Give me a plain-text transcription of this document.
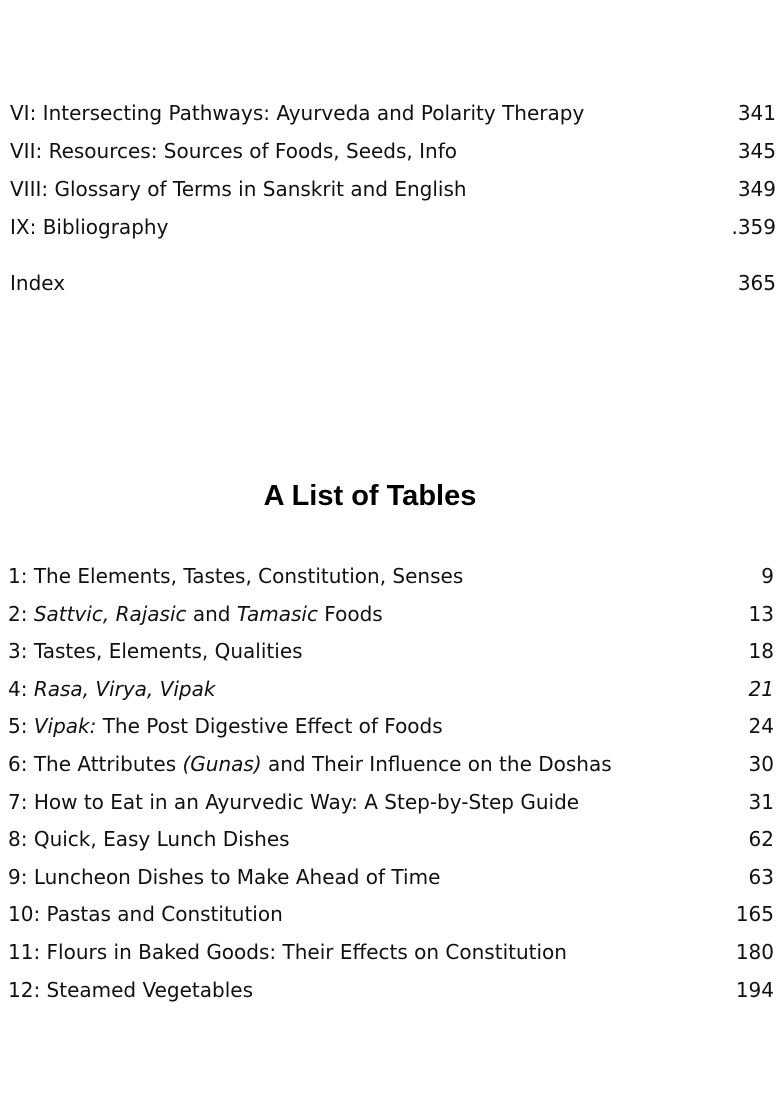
VI: Intersecting Pathways: Ayurveda and Polarity Therapy	341
VII: Resources: Sources of Foods, Seeds, Info	345
VIII: Glossary of Terms in Sanskrit and English	349
IX: Bibliography	.359
Index	365
A List of Tables
1: The Elements, Tastes, Constitution, Senses	9
2: Sattvic, Rajasic and Tamasic Foods	13
3: Tastes, Elements, Qualities	18
4: Rasa, Virya, Vipak	21
5: Vipak: The Post Digestive Effect of Foods	24
6: The Attributes (Gunas) and Their Influence on the Doshas	30
7: How to Eat in an Ayurvedic Way: A Step-by-Step Guide	31
8: Quick, Easy Lunch Dishes	62
9: Luncheon Dishes to Make Ahead of Time	63
10: Pastas and Constitution	165
11: Flours in Baked Goods: Their Effects on Constitution	180
12: Steamed Vegetables	194
